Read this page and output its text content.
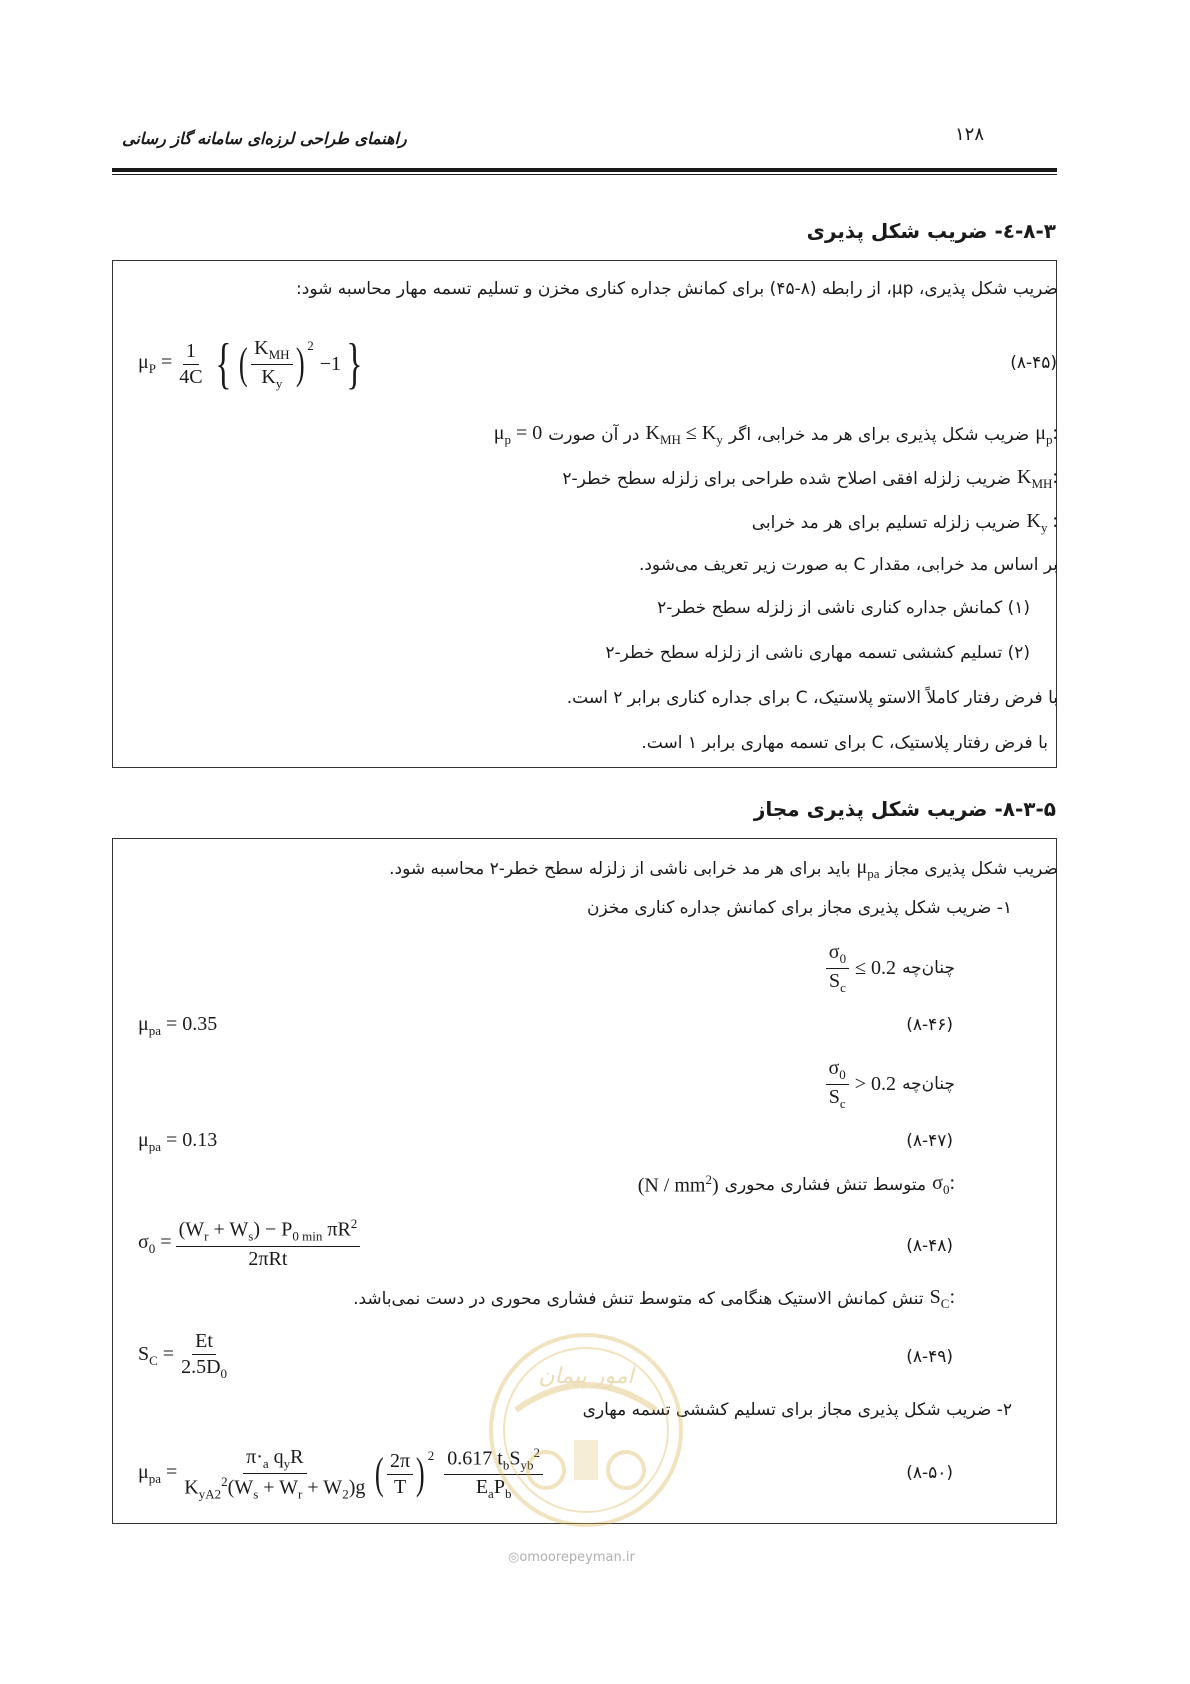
۱۲۸
راهنمای طراحی لرزه‌ای سامانه گاز رسانی
۸-۳-٤- ضریب شکل پذیری
ضریب شکل پذیری، μp، از رابطه (۸-۴۵) برای کمانش جداره کناری مخزن و تسلیم تسمه مهار محاسبه شود:
$\mu_P = \frac{1}{4C}$ { ( $\frac{K_{MH}}{K_y}$ ) 2
−1 }	(۸-۴۵)
$\mu_p$:
ضریب شکل پذیری برای هر مد خرابی، اگر
$K_{MH} \le K_y$
در آن صورت
$\mu_p = 0$
$K_{MH}$:
ضریب زلزله افقی اصلاح شده طراحی برای زلزله سطح خطر-۲
$K_y$ :
ضریب زلزله تسلیم برای هر مد خرابی
بر اساس مد خرابی، مقدار C به صورت زیر تعریف می‌شود.
(۱) کمانش جداره کناری ناشی از زلزله سطح خطر-۲
(۲) تسلیم کششی تسمه مهاری ناشی از زلزله سطح خطر-۲
با فرض رفتار کاملاً الاستو پلاستیک، C برای جداره کناری برابر ۲ است.
با فرض رفتار پلاستیک، C برای تسمه مهاری برابر ۱ است.
۸-۳-۵- ضریب شکل پذیری مجاز
ضریب شکل پذیری مجاز
$\mu_{pa}$
باید برای هر مد خرابی ناشی از زلزله سطح خطر-۲ محاسبه شود.
۱- ضریب شکل پذیری مجاز برای کمانش جداره کناری مخزن
چنان‌چه
$\frac{\sigma_0}{S_c} \le 0.2$
$\mu_{pa} = 0.35$	(۸-۴۶)
چنان‌چه
$\frac{\sigma_0}{S_c} > 0.2$
$\mu_{pa} = 0.13$	(۸-۴۷)
$\sigma_0$:
متوسط تنش فشاری محوری
$(N / mm^2)$
$\sigma_0 = \frac{(W_r + W_s) - P_{0 min} \pi R^2}{\text{2πRt}}$	(۸-۴۸)
$S_C$:
تنش کمانش الاستیک هنگامی که متوسط تنش فشاری محوری در دست نمی‌باشد.
$S_C = \frac{Et}{2.5D_0}$	(۸-۴۹)
۲- ضریب شکل پذیری مجاز برای تسلیم کششی تسمه مهاری
$\mu_{pa} = \frac{\pi\cdot_a q_yR}{K_{yA2}^2(W_s + W_r + W_2)g}$ ( $\frac{2\pi}{T}$ ) $2 \frac{0.617 t_bS_{yb}^2}{E_aP_b}$	(۸-۵۰)
امور پیمان
◎omoorepeyman.ir
